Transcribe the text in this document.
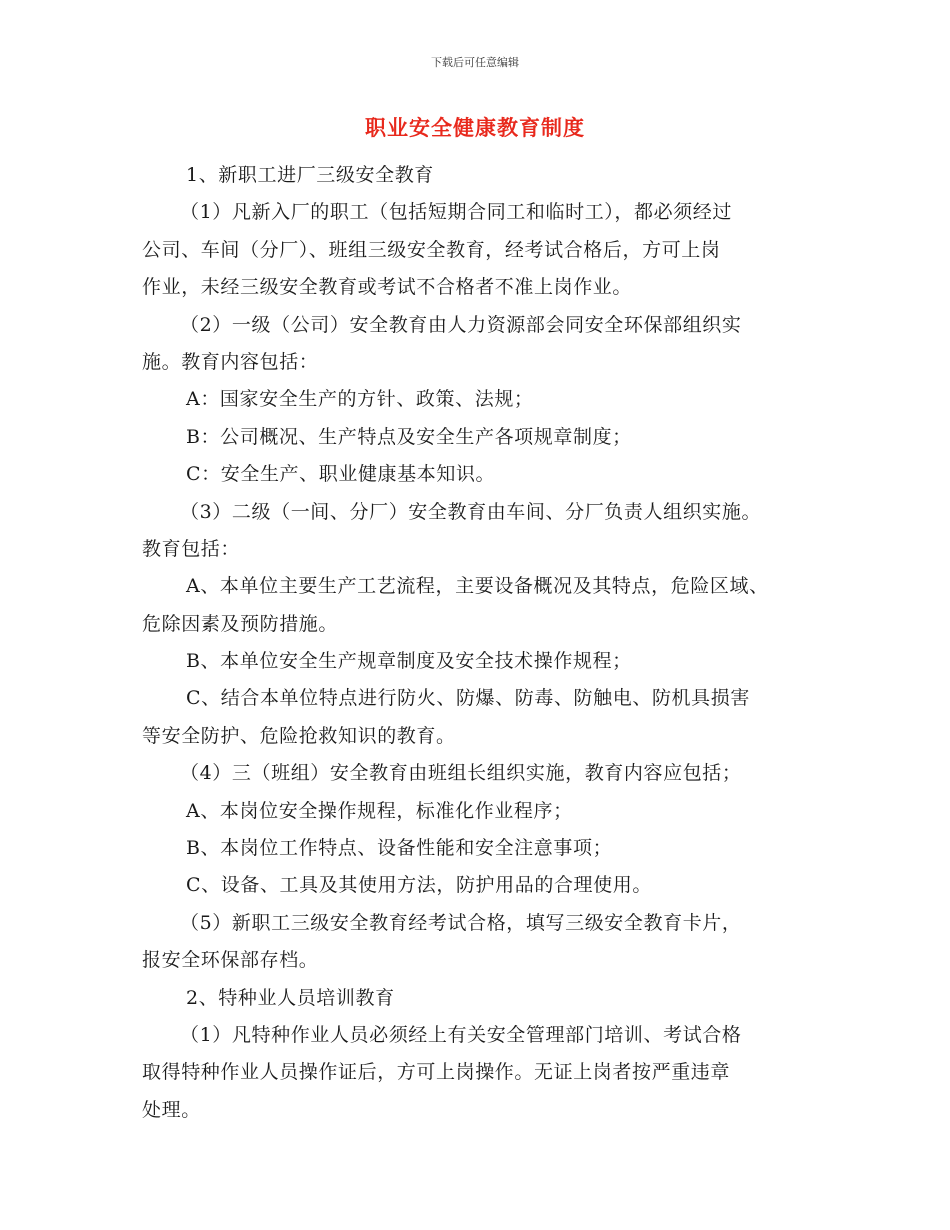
下载后可任意编辑
职业安全健康教育制度
1、新职工进厂三级安全教育
（1）凡新入厂的职工（包括短期合同工和临时工），都必须经过
公司、车间（分厂）、班组三级安全教育，经考试合格后，方可上岗
作业，未经三级安全教育或考试不合格者不准上岗作业。
（2）一级（公司）安全教育由人力资源部会同安全环保部组织实
施。教育内容包括：
A：国家安全生产的方针、政策、法规；
B：公司概况、生产特点及安全生产各项规章制度；
C：安全生产、职业健康基本知识。
（3）二级（一间、分厂）安全教育由车间、分厂负责人组织实施。
教育包括：
A、本单位主要生产工艺流程，主要设备概况及其特点，危险区域、
危除因素及预防措施。
B、本单位安全生产规章制度及安全技术操作规程；
C、结合本单位特点进行防火、防爆、防毒、防触电、防机具损害
等安全防护、危险抢救知识的教育。
（4）三（班组）安全教育由班组长组织实施，教育内容应包括；
A、本岗位安全操作规程，标准化作业程序；
B、本岗位工作特点、设备性能和安全注意事项；
C、设备、工具及其使用方法，防护用品的合理使用。
（5）新职工三级安全教育经考试合格，填写三级安全教育卡片，
报安全环保部存档。
2、特种业人员培训教育
（1）凡特种作业人员必须经上有关安全管理部门培训、考试合格
取得特种作业人员操作证后，方可上岗操作。无证上岗者按严重违章
处理。
